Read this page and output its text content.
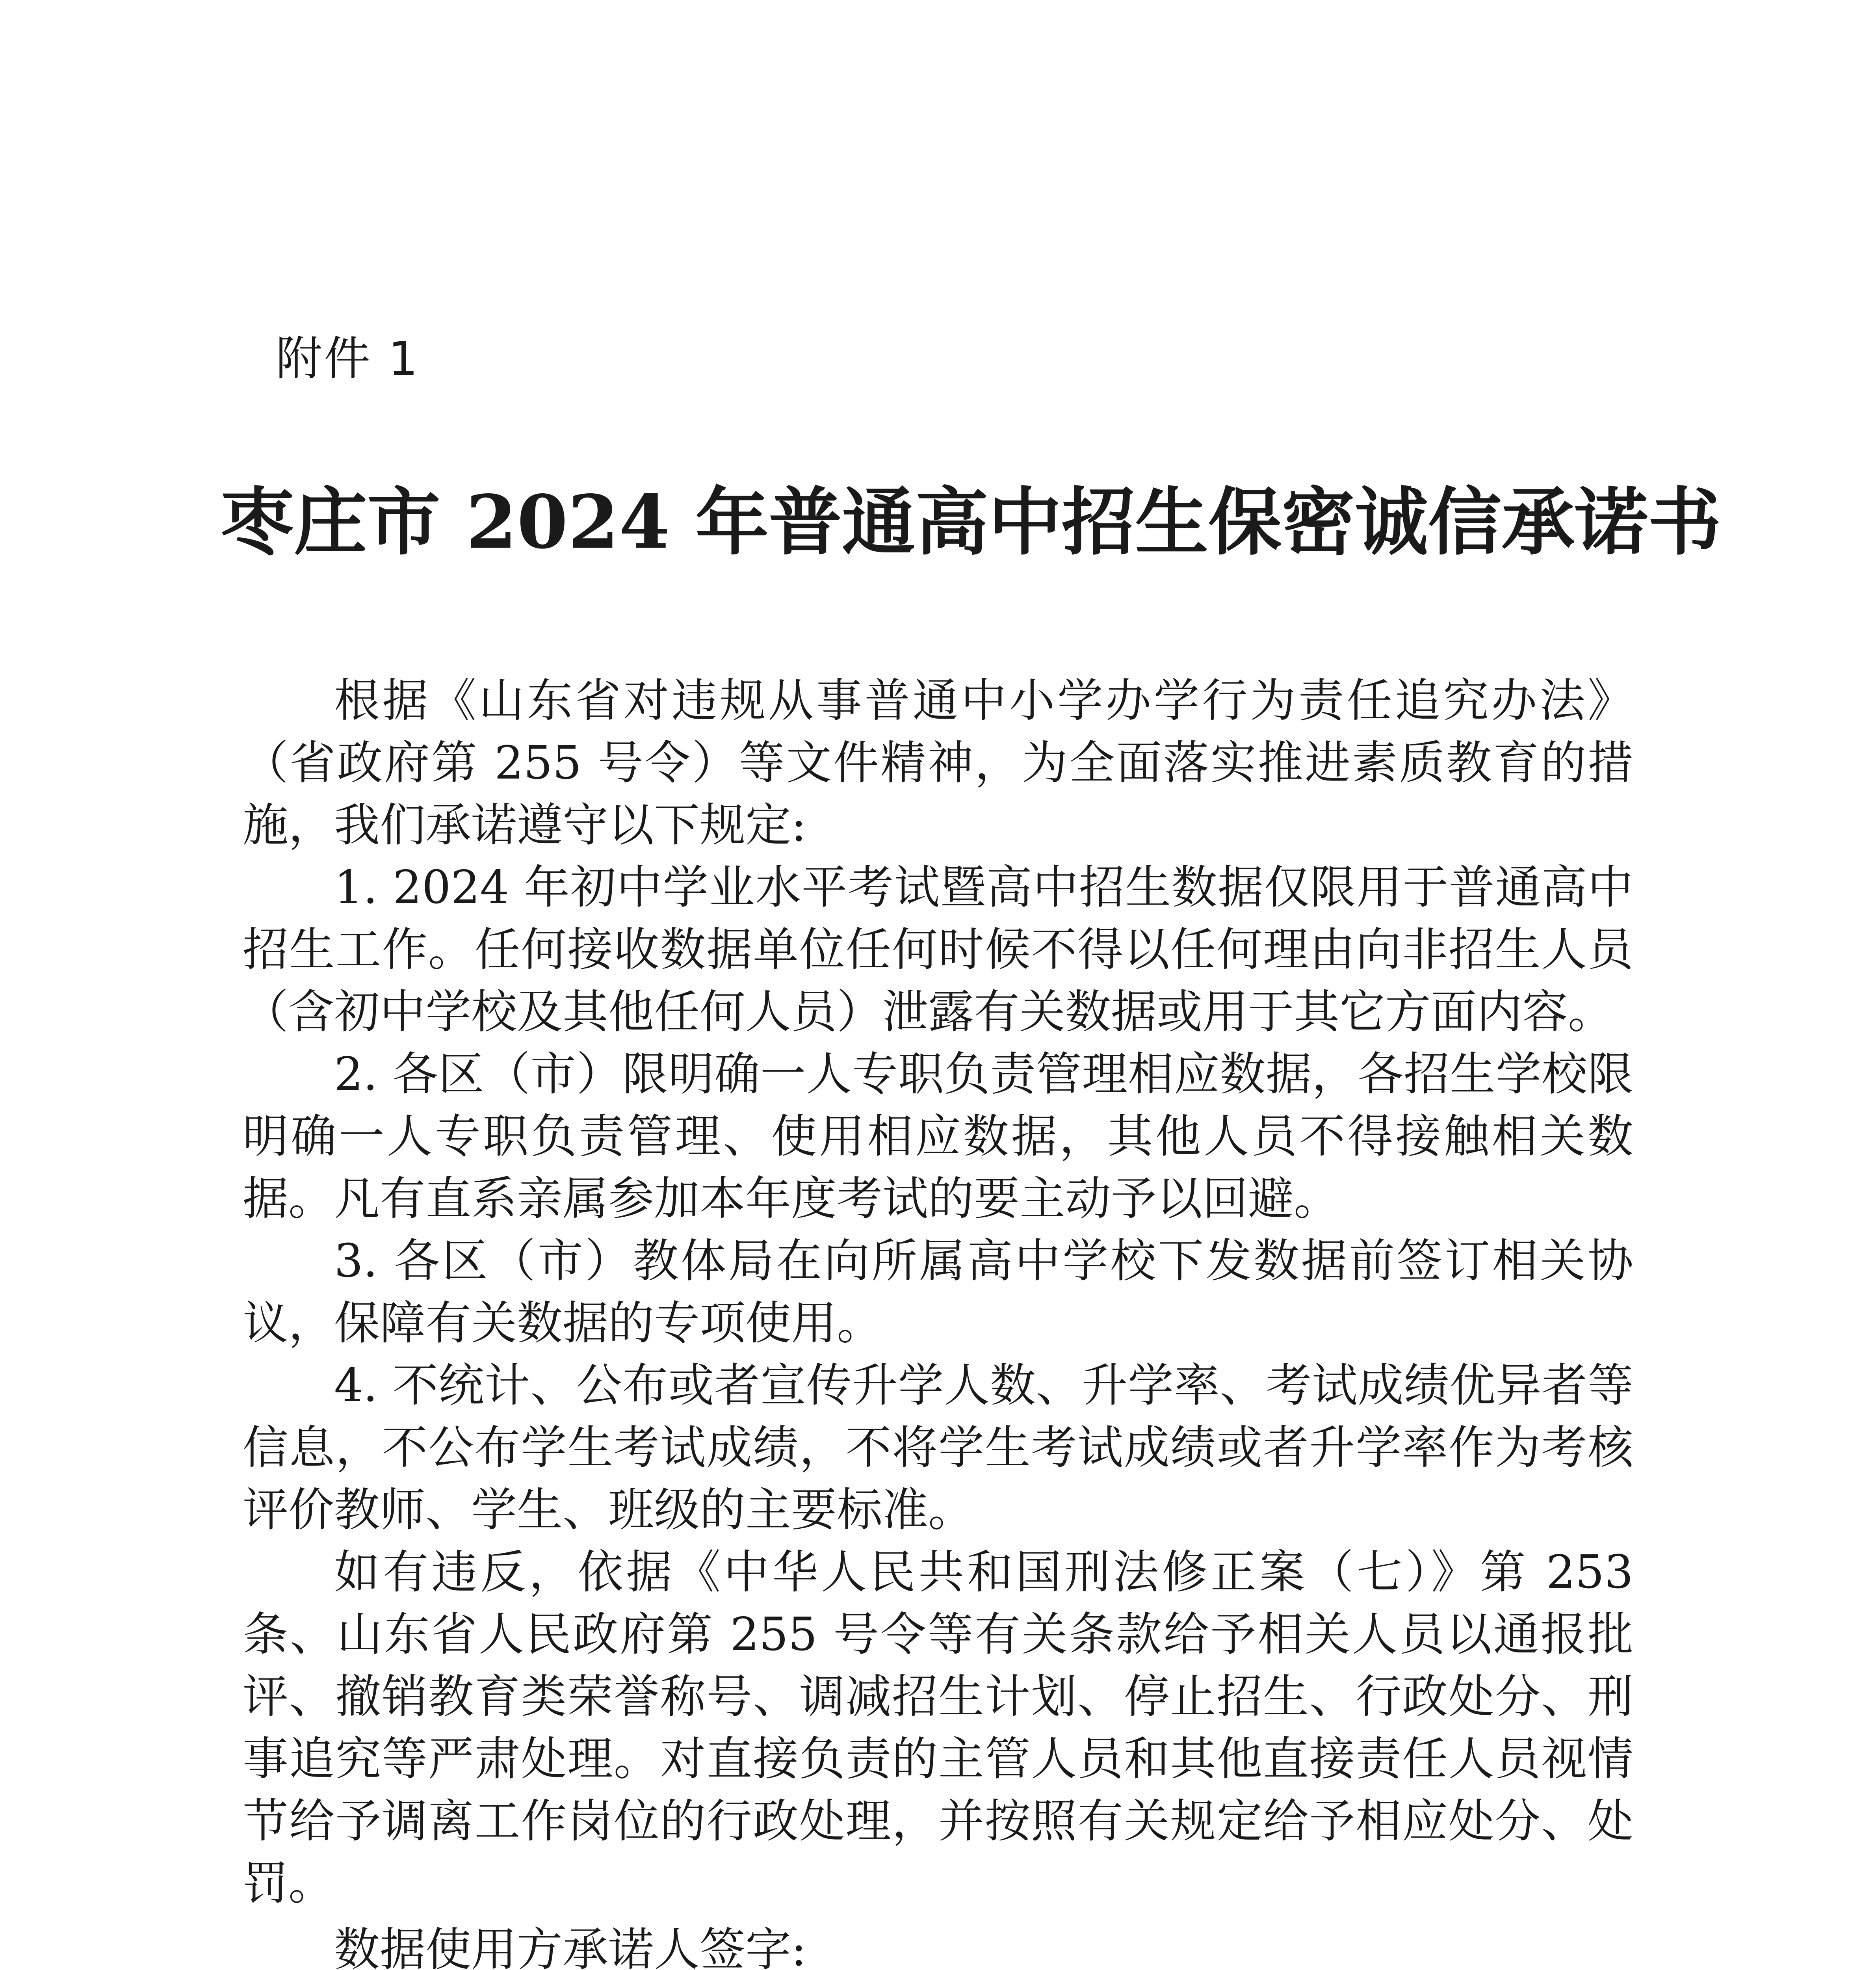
附件 1
枣庄市 2024 年普通高中招生保密诚信承诺书

根据《山东省对违规从事普通中小学办学行为责任追究办法》（省政府第 255 号令）等文件精神，为全面落实推进素质教育的措施，我们承诺遵守以下规定:

1. 2024 年初中学业水平考试暨高中招生数据仅限用于普通高中招生工作。任何接收数据单位任何时候不得以任何理由向非招生人员（含初中学校及其他任何人员）泄露有关数据或用于其它方面内容。

2. 各区（市）限明确一人专职负责管理相应数据，各招生学校限明确一人专职负责管理、使用相应数据，其他人员不得接触相关数据。凡有直系亲属参加本年度考试的要主动予以回避。

3. 各区（市）教体局在向所属高中学校下发数据前签订相关协议，保障有关数据的专项使用。

4. 不统计、公布或者宣传升学人数、升学率、考试成绩优异者等信息，不公布学生考试成绩，不将学生考试成绩或者升学率作为考核评价教师、学生、班级的主要标准。

如有违反，依据《中华人民共和国刑法修正案（七）》第 253 条、山东省人民政府第 255 号令等有关条款给予相关人员以通报批评、撤销教育类荣誉称号、调减招生计划、停止招生、行政处分、刑事追究等严肃处理。对直接负责的主管人员和其他直接责任人员视情节给予调离工作岗位的行政处理，并按照有关规定给予相应处分、处罚。

数据使用方承诺人签字:
